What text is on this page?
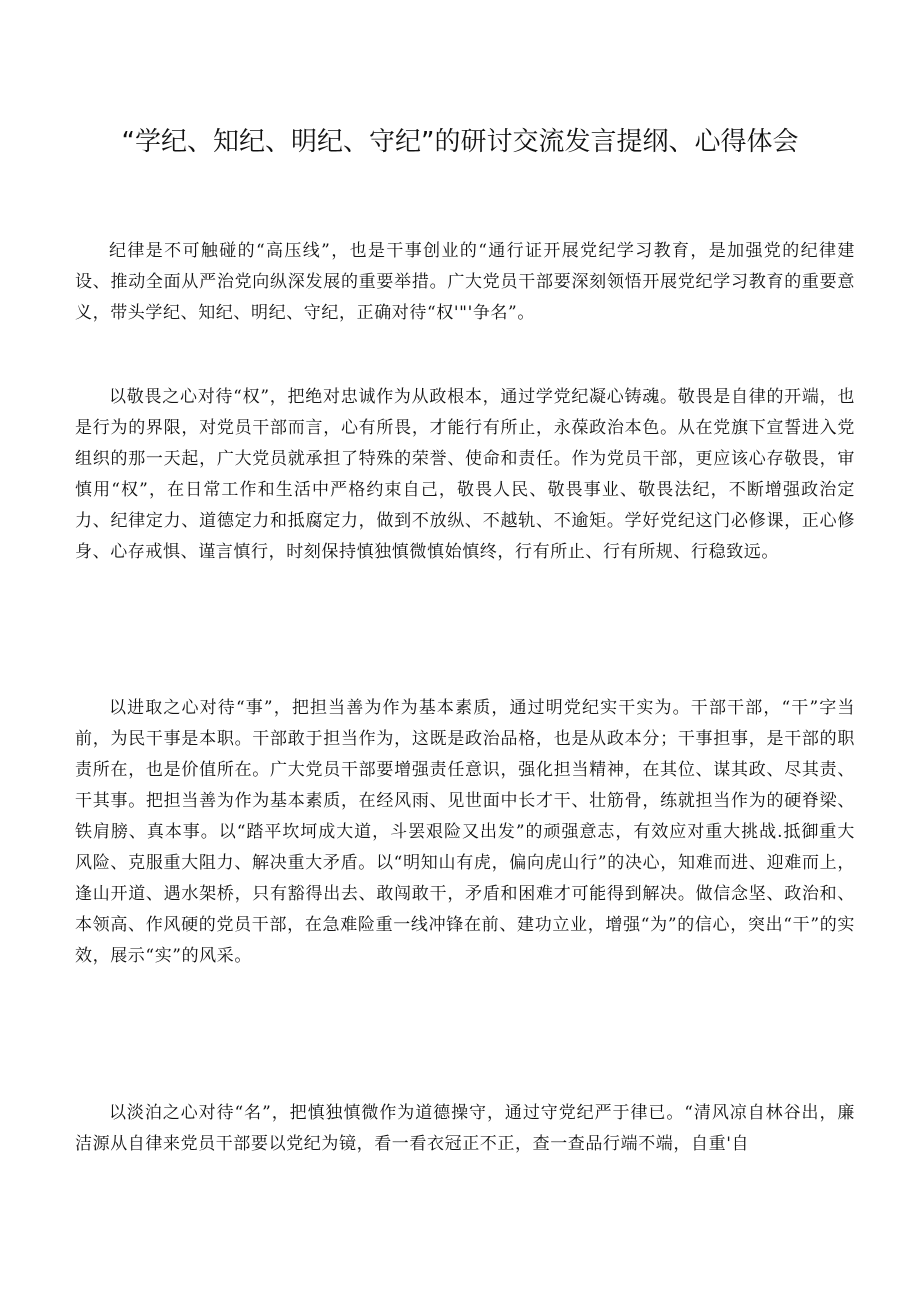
“学纪、知纪、明纪、守纪”的研讨交流发言提纲、心得体会

纪律是不可触碰的“高压线”，也是干事创业的“通行证开展党纪学习教育，是加强党的纪律建设、推动全面从严治党向纵深发展的重要举措。广大党员干部要深刻领悟开展党纪学习教育的重要意义，带头学纪、知纪、明纪、守纪，正确对待“权'"'争名”。

以敬畏之心对待“权”，把绝对忠诚作为从政根本，通过学党纪凝心铸魂。敬畏是自律的开端，也是行为的界限，对党员干部而言，心有所畏，才能行有所止，永葆政治本色。从在党旗下宣誓进入党组织的那一天起，广大党员就承担了特殊的荣誉、使命和责任。作为党员干部，更应该心存敬畏，审慎用“权”，在日常工作和生活中严格约束自己，敬畏人民、敬畏事业、敬畏法纪，不断增强政治定力、纪律定力、道德定力和抵腐定力，做到不放纵、不越轨、不逾矩。学好党纪这门必修课，正心修身、心存戒惧、谨言慎行，时刻保持慎独慎微慎始慎终，行有所止、行有所规、行稳致远。

以进取之心对待“事”，把担当善为作为基本素质，通过明党纪实干实为。干部干部，“干”字当前，为民干事是本职。干部敢于担当作为，这既是政治品格，也是从政本分；干事担事，是干部的职责所在，也是价值所在。广大党员干部要增强责任意识，强化担当精神，在其位、谋其政、尽其责、干其事。把担当善为作为基本素质，在经风雨、见世面中长才干、壮筋骨，练就担当作为的硬脊梁、铁肩膀、真本事。以“踏平坎坷成大道，斗罢艰险又出发”的顽强意志，有效应对重大挑战.抵御重大风险、克服重大阻力、解决重大矛盾。以“明知山有虎，偏向虎山行”的决心，知难而进、迎难而上，逢山开道、遇水架桥，只有豁得出去、敢闯敢干，矛盾和困难才可能得到解决。做信念坚、政治和、本领高、作风硬的党员干部，在急难险重一线冲锋在前、建功立业，增强“为”的信心，突出“干”的实效，展示“实”的风采。

以淡泊之心对待“名”，把慎独慎微作为道德操守，通过守党纪严于律已。“清风凉自林谷出，廉洁源从自律来党员干部要以党纪为镜，看一看衣冠正不正，查一查品行端不端，自重'自
